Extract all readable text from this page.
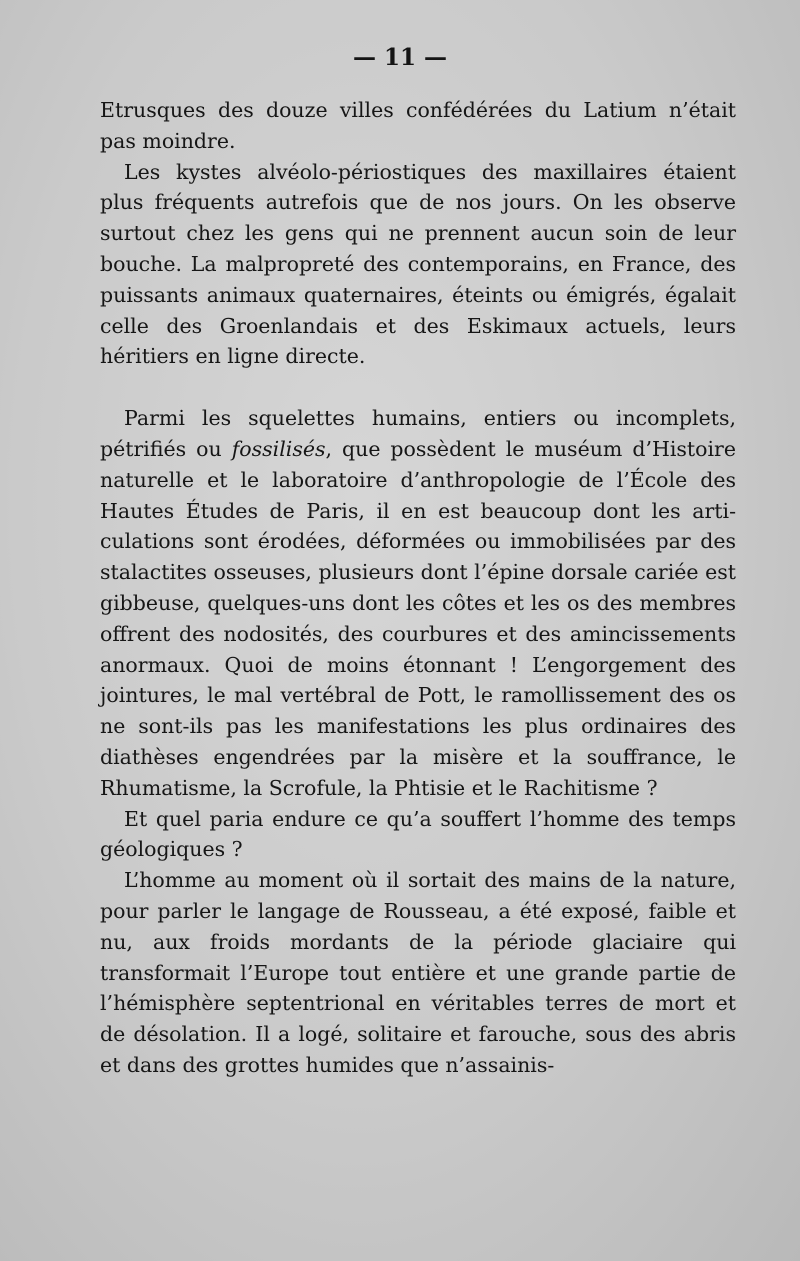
— 11 —

Etrusques des douze villes confédérées du Latium n’était pas moindre.

Les kystes alvéolo-périostiques des maxillaires étaient plus fréquents autrefois que de nos jours. On les observe surtout chez les gens qui ne prennent aucun soin de leur bouche. La malpropreté des contemporains, en France, des puissants animaux quaternaires, éteints ou émigrés, égalait celle des Groenlandais et des Eskimaux actuels, leurs héritiers en ligne directe.

Parmi les squelettes humains, entiers ou incomplets, pétrifiés ou fossilisés, que possèdent le muséum d’Histoire naturelle et le laboratoire d’anthropologie de l’École des Hautes Études de Paris, il en est beaucoup dont les articulations sont érodées, déformées ou immobilisées par des stalactites osseuses, plusieurs dont l’épine dorsale cariée est gibbeuse, quelques-uns dont les côtes et les os des membres offrent des nodosités, des courbures et des amincissements anormaux. Quoi de moins étonnant ! L’engorgement des jointures, le mal vertébral de Pott, le ramollissement des os ne sont-ils pas les manifestations les plus ordinaires des diathèses engendrées par la misère et la souffrance, le Rhumatisme, la Scrofule, la Phtisie et le Rachitisme ?

Et quel paria endure ce qu’a souffert l’homme des temps géologiques ?

L’homme au moment où il sortait des mains de la nature, pour parler le langage de Rousseau, a été exposé, faible et nu, aux froids mordants de la période glaciaire qui transformait l’Europe tout entière et une grande partie de l’hémisphère septentrional en véritables terres de mort et de désolation. Il a logé, solitaire et farouche, sous des abris et dans des grottes humides que n’assainis-
